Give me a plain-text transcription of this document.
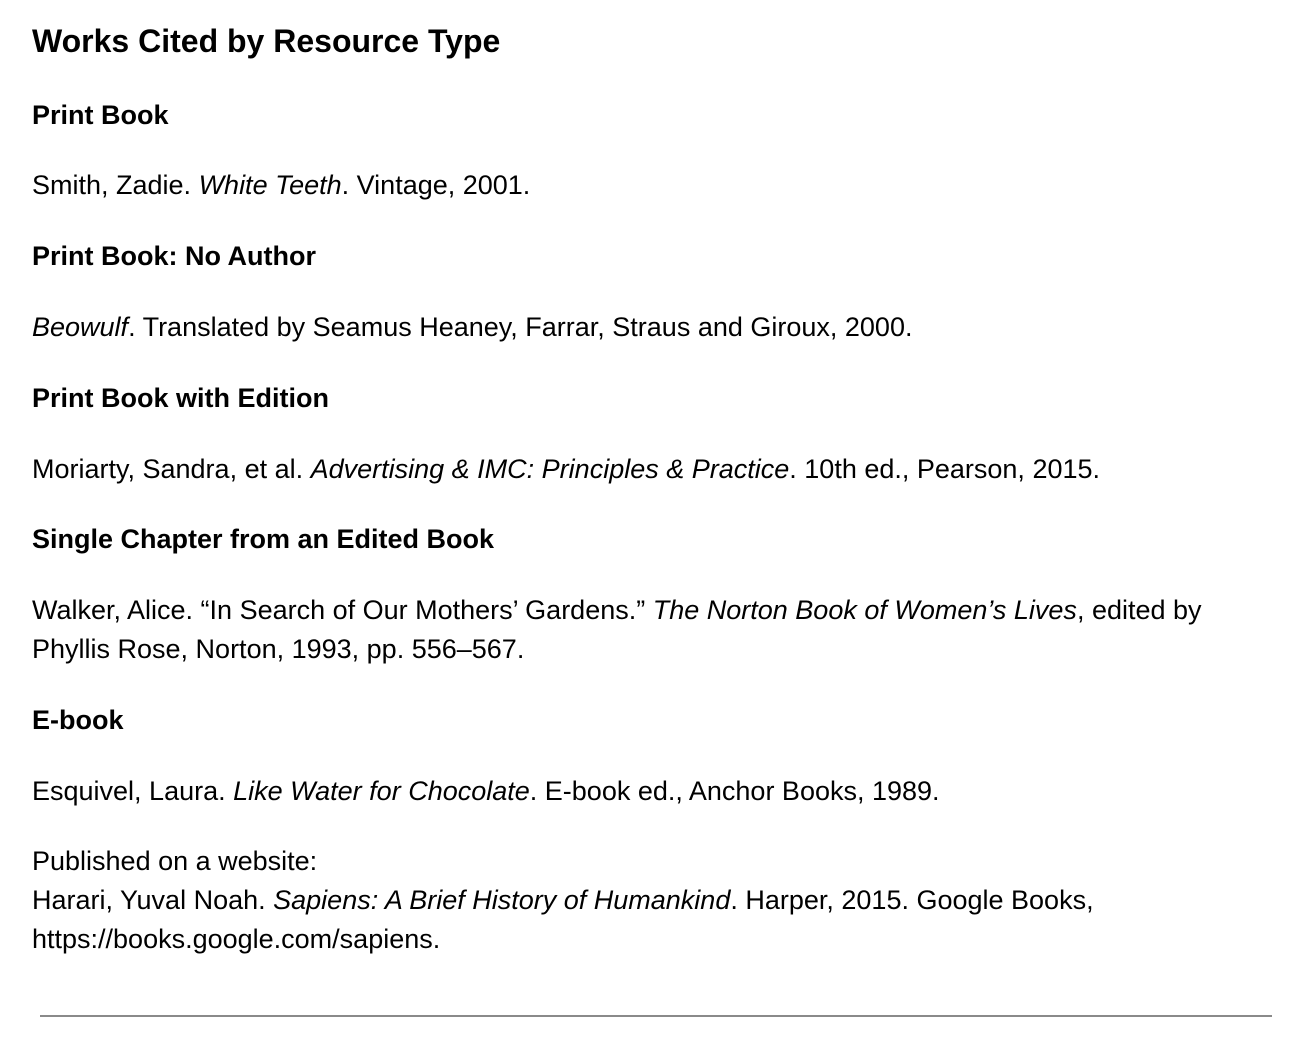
Works Cited by Resource Type
Print Book

Smith, Zadie. White Teeth. Vintage, 2001.

Print Book: No Author

Beowulf. Translated by Seamus Heaney, Farrar, Straus and Giroux, 2000.

Print Book with Edition

Moriarty, Sandra, et al. Advertising & IMC: Principles & Practice. 10th ed., Pearson, 2015.

Single Chapter from an Edited Book

Walker, Alice. “In Search of Our Mothers’ Gardens.” The Norton Book of Women’s Lives, edited by Phyllis Rose, Norton, 1993, pp. 556–567.

E-book

Esquivel, Laura. Like Water for Chocolate. E-book ed., Anchor Books, 1989.

Published on a website:

Harari, Yuval Noah. Sapiens: A Brief History of Humankind. Harper, 2015. Google Books, https://books.google.com/sapiens.
